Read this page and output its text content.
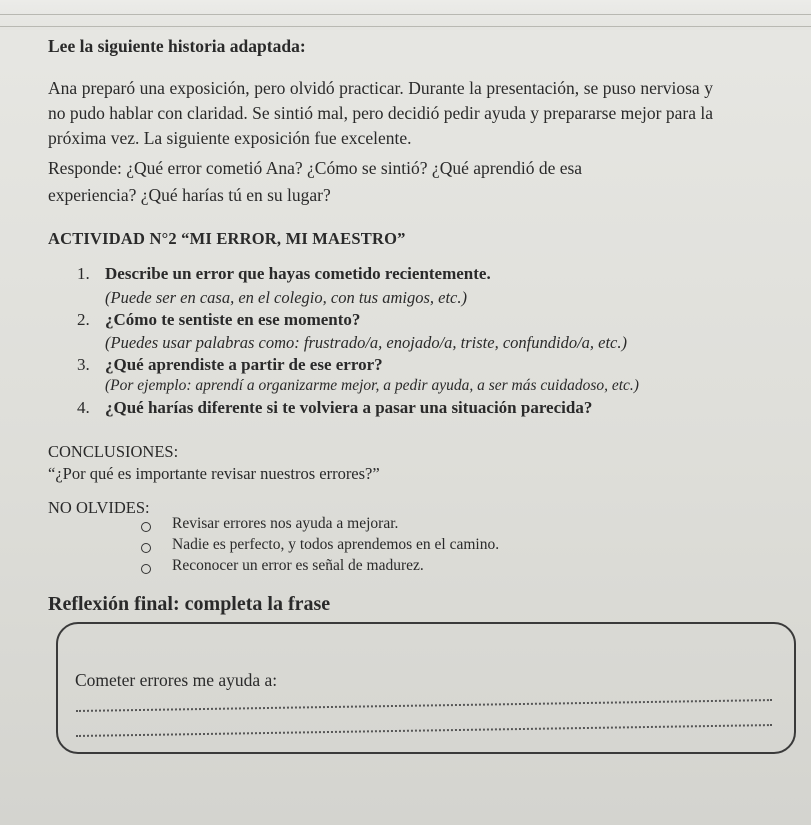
Lee la siguiente historia adaptada:
Ana preparó una exposición, pero olvidó practicar. Durante la presentación, se puso nerviosa y no pudo hablar con claridad. Se sintió mal, pero decidió pedir ayuda y prepararse mejor para la próxima vez. La siguiente exposición fue excelente.
Responde: ¿Qué error cometió Ana? ¿Cómo se sintió? ¿Qué aprendió de esa
experiencia? ¿Qué harías tú en su lugar?
ACTIVIDAD N°2 “MI ERROR, MI MAESTRO”
1. Describe un error que hayas cometido recientemente.
(Puede ser en casa, en el colegio, con tus amigos, etc.)
2. ¿Cómo te sentiste en ese momento?
(Puedes usar palabras como: frustrado/a, enojado/a, triste, confundido/a, etc.)
3. ¿Qué aprendiste a partir de ese error?
(Por ejemplo: aprendí a organizarme mejor, a pedir ayuda, a ser más cuidadoso, etc.)
4. ¿Qué harías diferente si te volviera a pasar una situación parecida?
CONCLUSIONES:
“¿Por qué es importante revisar nuestros errores?”
NO OLVIDES:
Revisar errores nos ayuda a mejorar.
Nadie es perfecto, y todos aprendemos en el camino.
Reconocer un error es señal de madurez.
Reflexión final: completa la frase
Cometer errores me ayuda a:
